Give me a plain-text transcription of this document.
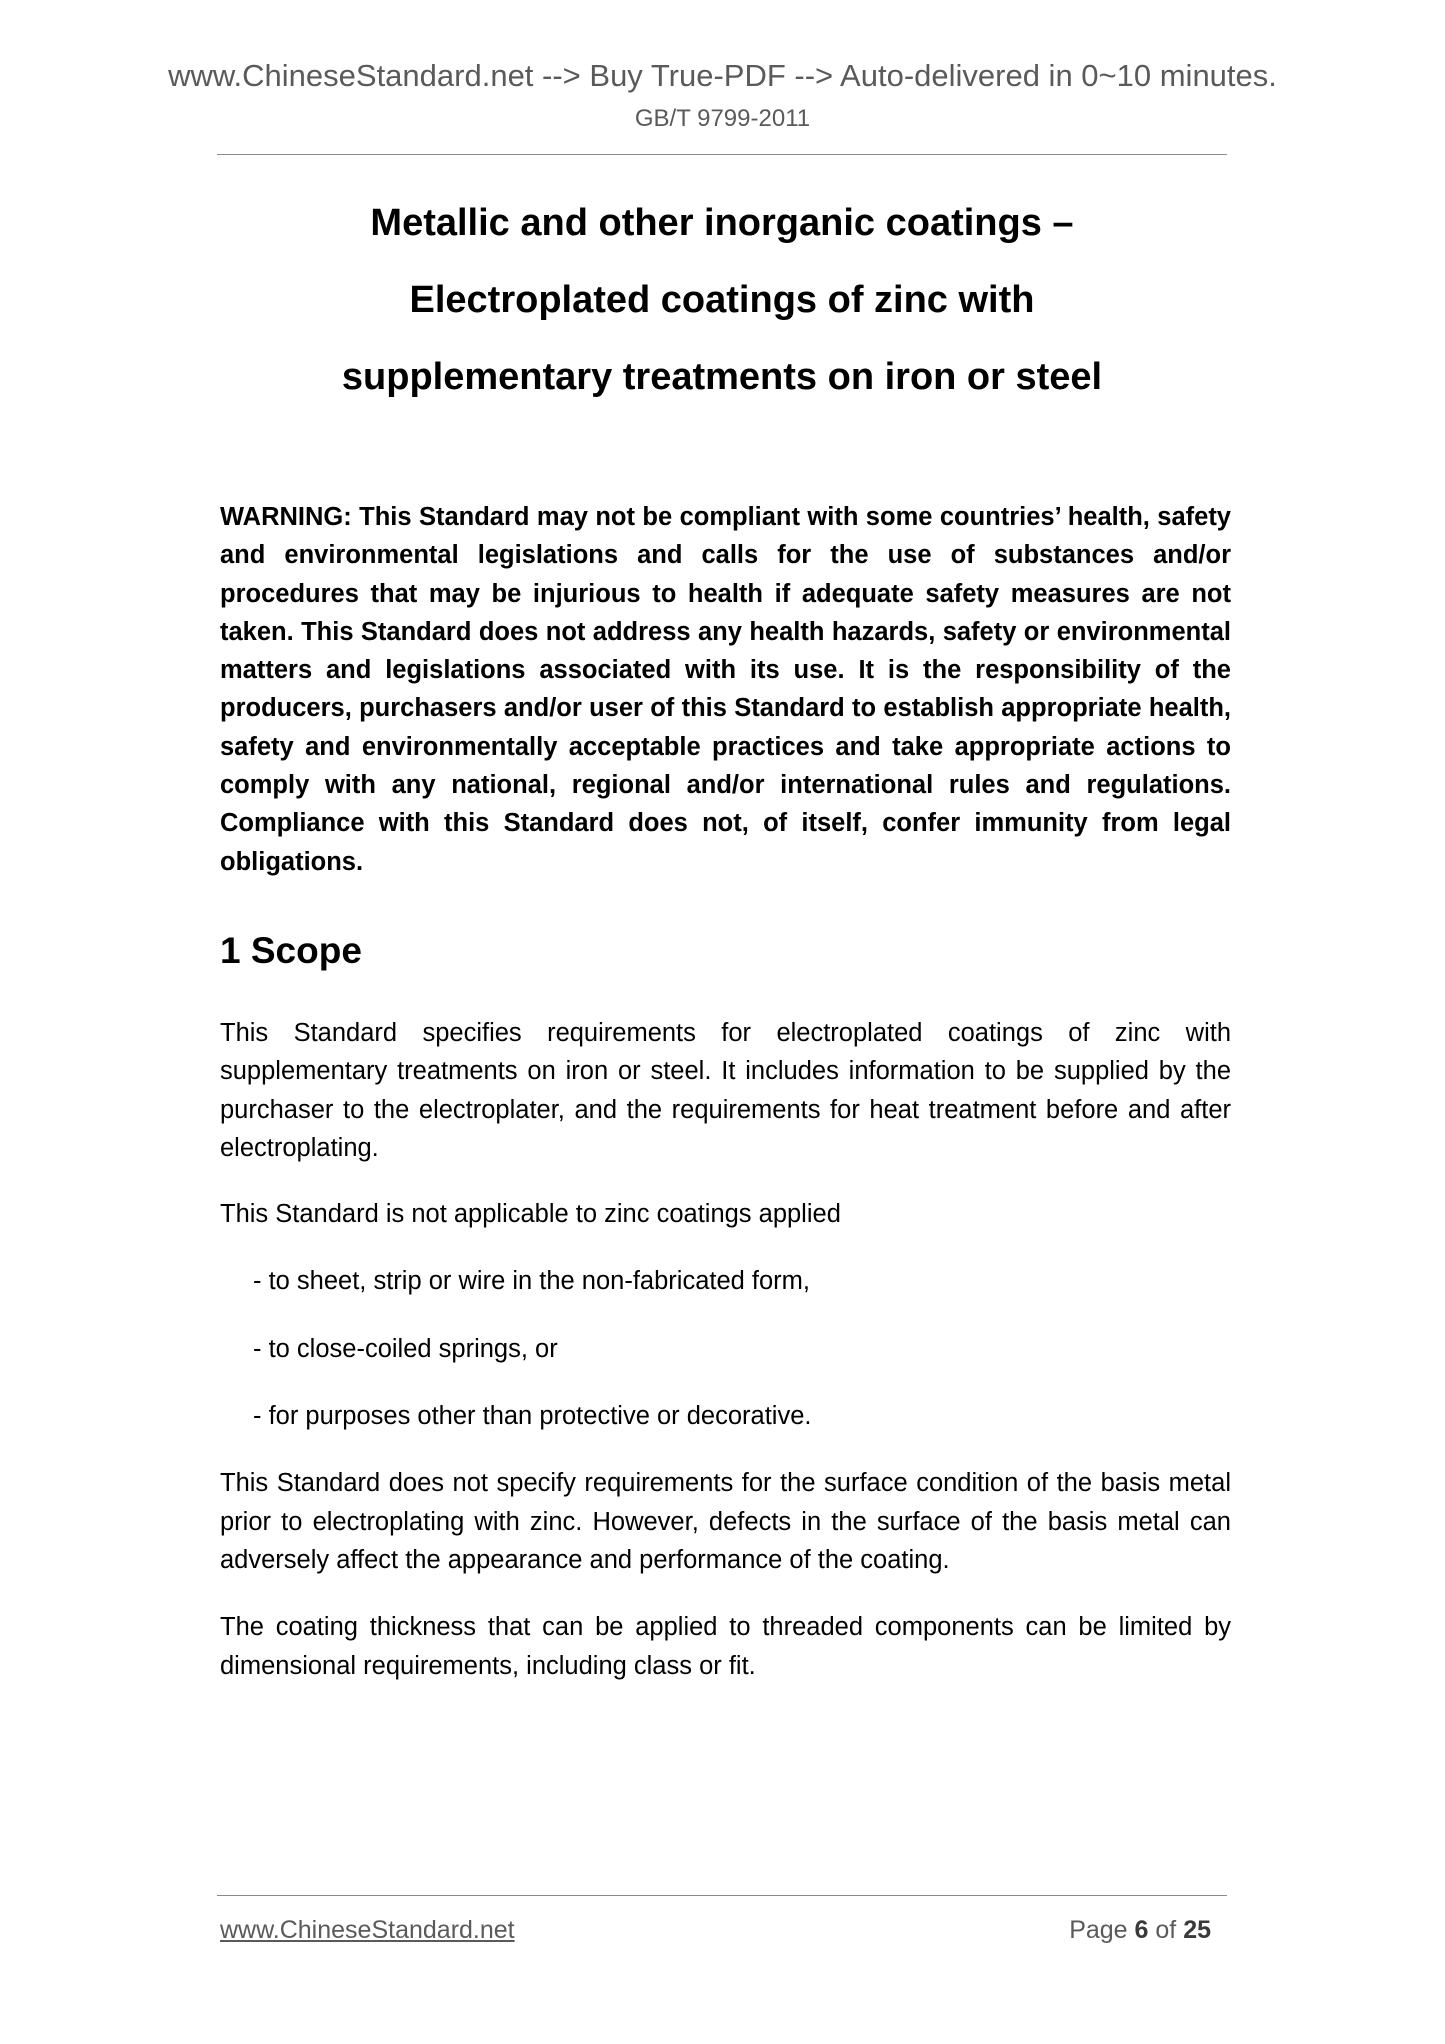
www.ChineseStandard.net --> Buy True-PDF --> Auto-delivered in 0~10 minutes.
GB/T 9799-2011
Metallic and other inorganic coatings –
Electroplated coatings of zinc with
supplementary treatments on iron or steel

WARNING: This Standard may not be compliant with some countries’ health, safety and environmental legislations and calls for the use of substances and/or procedures that may be injurious to health if adequate safety measures are not taken. This Standard does not address any health hazards, safety or environmental matters and legislations associated with its use. It is the responsibility of the producers, purchasers and/or user of this Standard to establish appropriate health, safety and environmentally acceptable practices and take appropriate actions to comply with any national, regional and/or international rules and regulations. Compliance with this Standard does not, of itself, confer immunity from legal obligations.

1 Scope

This Standard specifies requirements for electroplated coatings of zinc with supplementary treatments on iron or steel. It includes information to be supplied by the purchaser to the electroplater, and the requirements for heat treatment before and after electroplating.

This Standard is not applicable to zinc coatings applied

- to sheet, strip or wire in the non-fabricated form,
- to close-coiled springs, or
- for purposes other than protective or decorative.

This Standard does not specify requirements for the surface condition of the basis metal prior to electroplating with zinc. However, defects in the surface of the basis metal can adversely affect the appearance and performance of the coating.

The coating thickness that can be applied to threaded components can be limited by dimensional requirements, including class or fit.

www.ChineseStandard.net	Page 6 of 25
